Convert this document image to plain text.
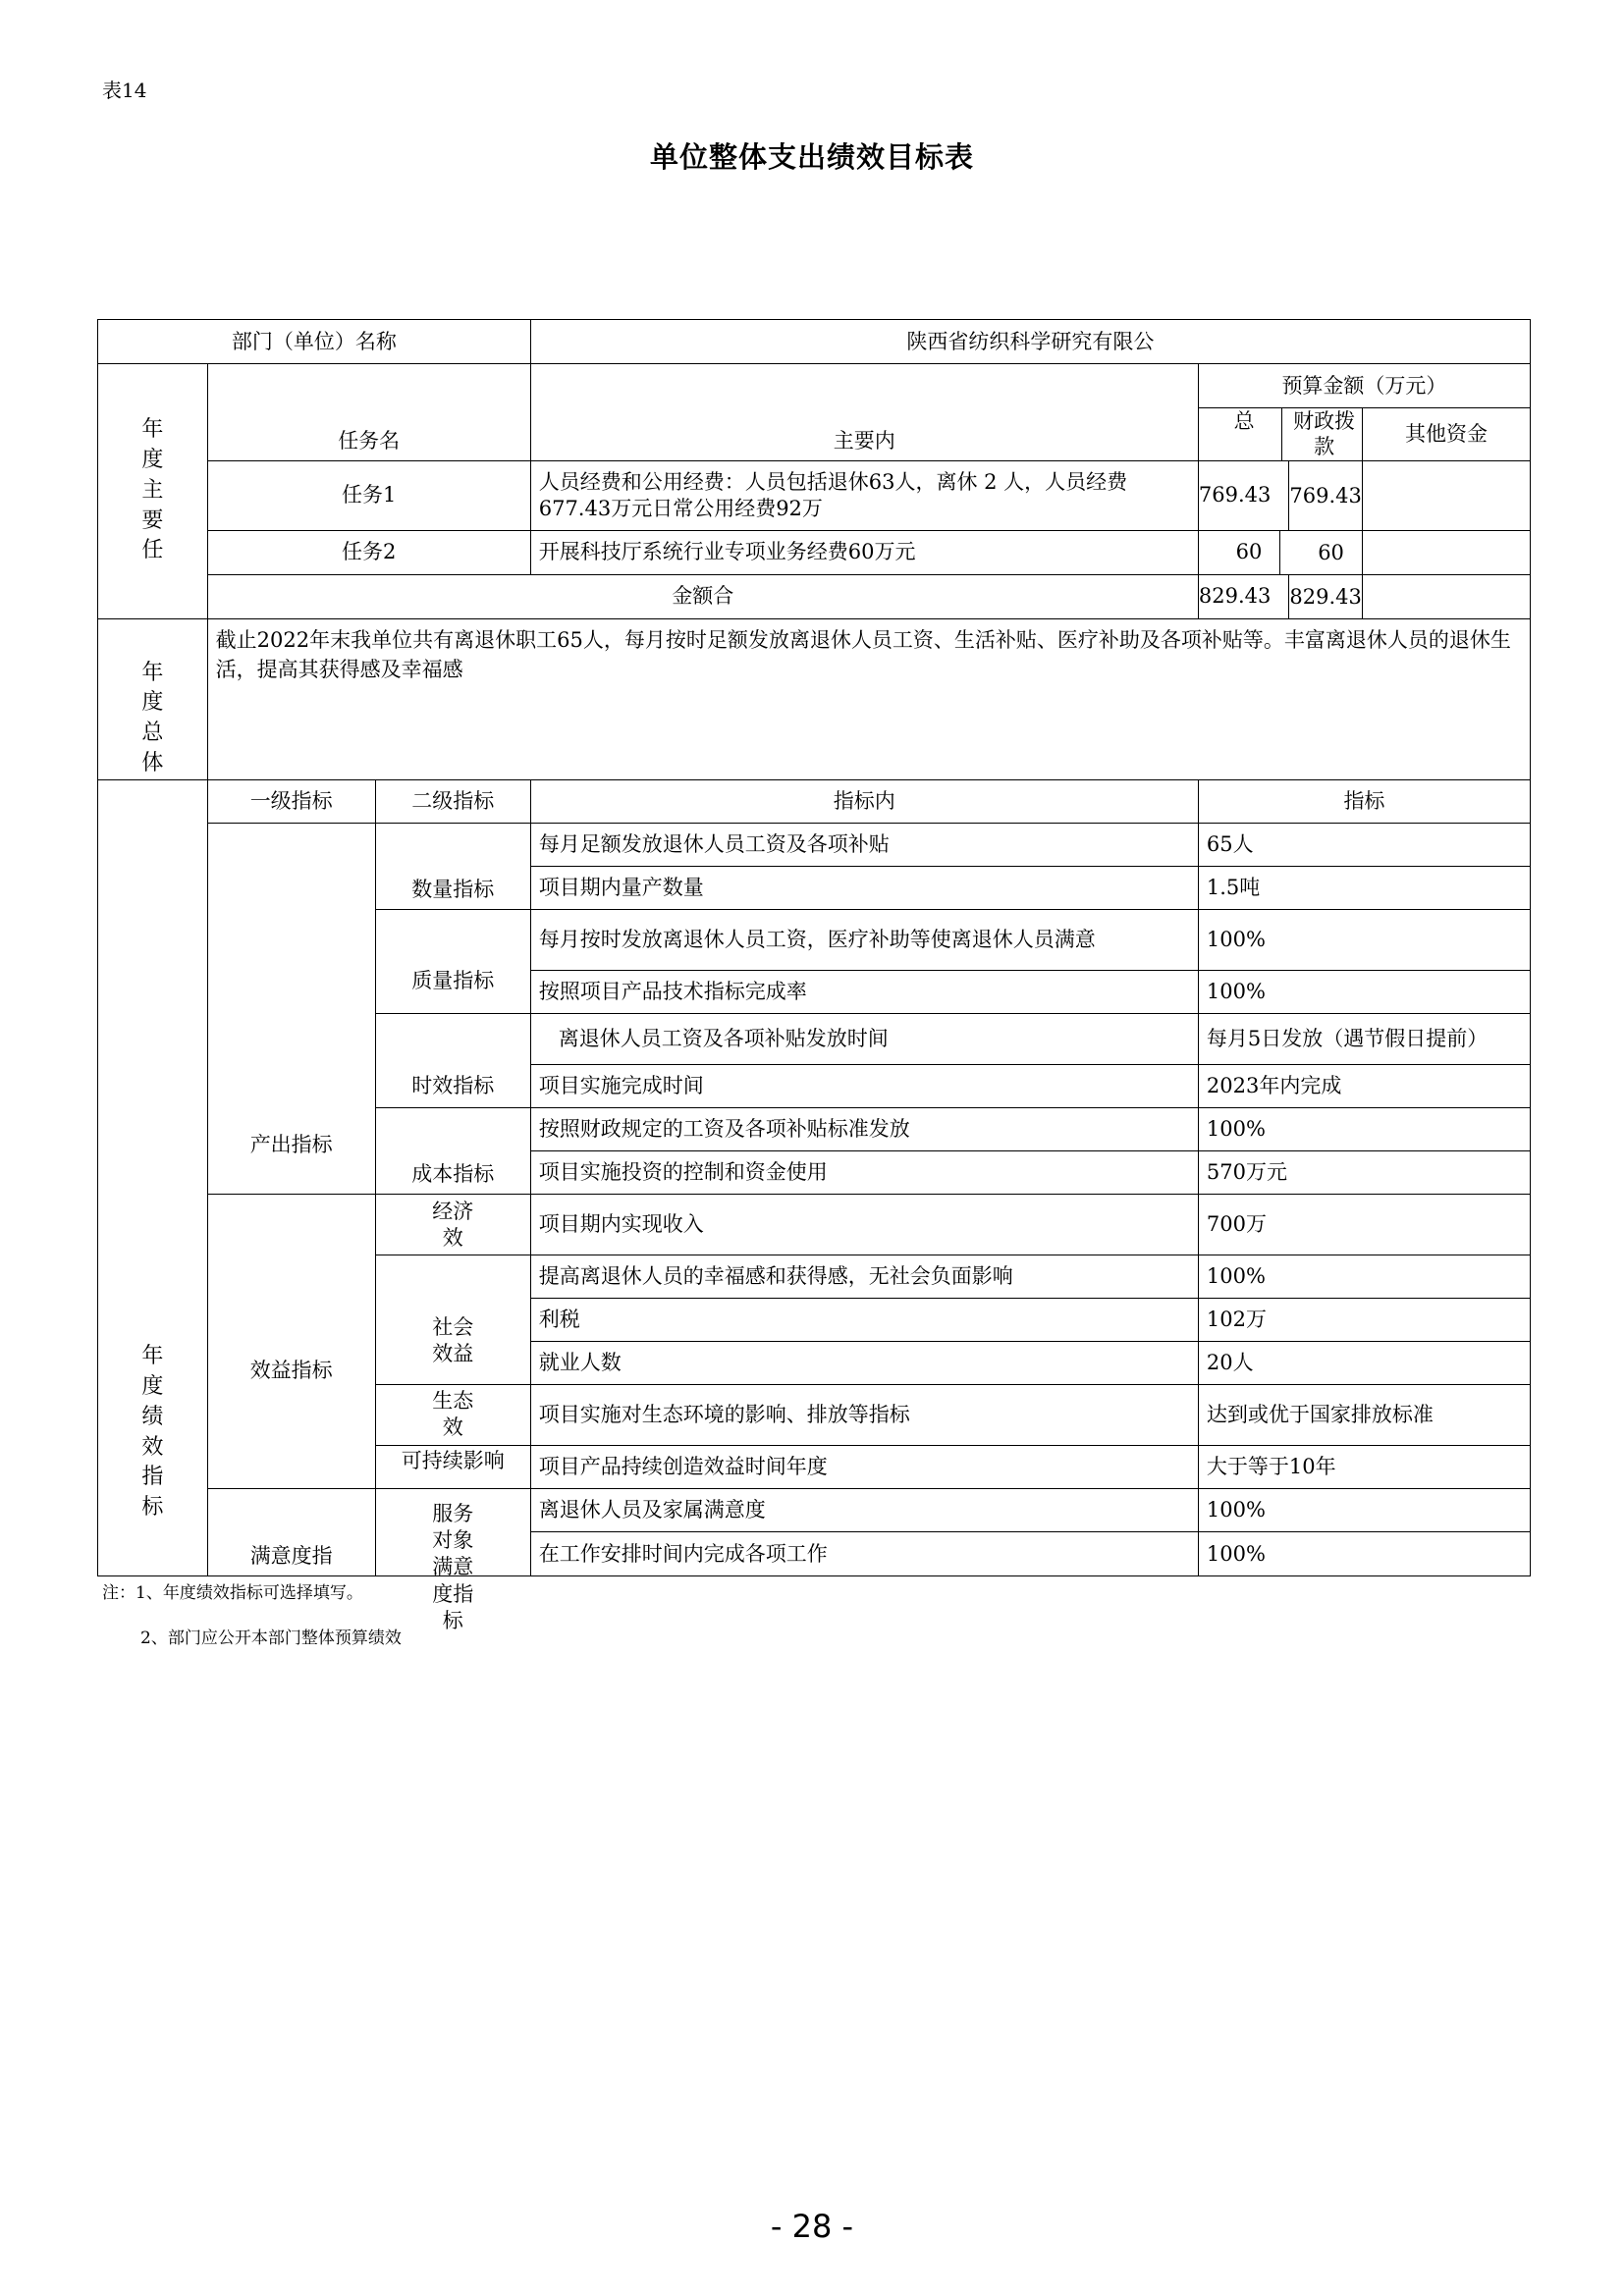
表14
单位整体支出绩效目标表
部门（单位）名称			陕西省纺织科学研究有限公		

年度主要任	任务名		主要内	预算金额（万元）	

				总 财政拨款	其他资金
	任务1		人员经费和公用经费：人员包括退休63人，离休 2 人，人员经费677.43万元日常公用经费92万	769.43 769.43	

	任务2		开展科技厅系统行业专项业务经费60万元	60 60	

	金额合			829.43 829.43	

年度总体	截止2022年末我单位共有离退休职工65人，每月按时足额发放离退休人员工资、生活补贴、医疗补助及各项补贴等。丰富离退休人员的退休生活，提高其获得感及幸福感				

年度绩效指标	一级指标	二级指标	指标内	指标	
	产出指标	数量指标	每月足额发放退休人员工资及各项补贴	65人	
			项目期内量产数量	1.5吨	
		质量指标	每月按时发放离退休人员工资，医疗补助等使离退休人员满意	100%	
			按照项目产品技术指标完成率	100%	
		时效指标	离退休人员工资及各项补贴发放时间	每月5日发放（遇节假日提前）	
			项目实施完成时间	2023年内完成	
		成本指标	按照财政规定的工资及各项补贴标准发放	100%	
			项目实施投资的控制和资金使用	570万元	
	效益指标	经济效	项目期内实现收入	700万	

		社会效益	提高离退休人员的幸福感和获得感，无社会负面影响	100%	
			利税	102万	
			就业人数	20人	
		生态效	项目实施对生态环境的影响、排放等指标	达到或优于国家排放标准	
		可持续影响	项目产品持续创造效益时间年度	大于等于10年	
	满意度指	服务对象满意度指标	离退休人员及家属满意度	100%	
			在工作安排时间内完成各项工作	100%	
注：1、年度绩效指标可选择填写。
2、部门应公开本部门整体预算绩效
- 28 -
